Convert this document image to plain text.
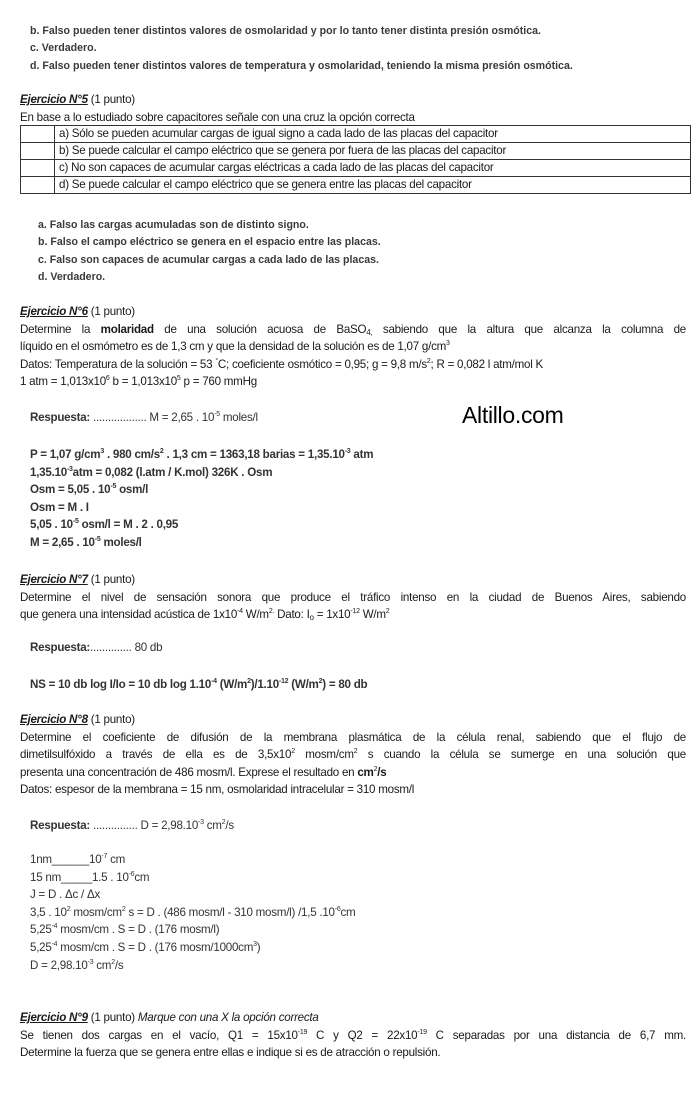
b. Falso pueden tener distintos valores de osmolaridad y por lo tanto tener distinta presión osmótica.
c. Verdadero.
d. Falso pueden tener distintos valores de temperatura y osmolaridad, teniendo la misma presión osmótica.
Ejercicio N°5 (1 punto)
En base a lo estudiado sobre capacitores señale con una cruz la opción correcta
	a) Sólo se pueden acumular cargas de igual signo a cada lado de las placas del capacitor
	b) Se puede calcular el campo eléctrico que se genera por fuera de las placas del capacitor
	c) No son capaces de acumular cargas eléctricas a cada lado de las placas del capacitor
	d) Se puede calcular el campo eléctrico que se genera entre las placas del capacitor
a. Falso las cargas acumuladas son de distinto signo.
b. Falso el campo eléctrico se genera en el espacio entre las placas.
c. Falso son capaces de acumular cargas a cada lado de las placas.
d. Verdadero.
Ejercicio N°6 (1 punto)
Determine la molaridad de una solución acuosa de BaSO$_{4,}$ sabiendo que la altura que alcanza la columna de
líquido en el osmómetro es de 1,3 cm y que la densidad de la solución es de 1,07 $g/cm^3$
Datos: Temperatura de la solución = 53 °C; coeficiente osmótico = 0,95; g = 9,8 $m/s^2$; R = 0,082 l atm/mol K
1 atm = $1,013x10^6$ $b = 1,013x10^5$ p = 760 mmHg
Respuesta: .................. M = 2,65 . $10^{-5}$ moles/l	Altillo.com
P = 1,07 $g/cm^3$ . 980 $cm/s^2$ . 1,3 cm = 1363,18 barias = $1,35.10^{-3}$ atm
$1,35.10^{-3}atm = 0,082$ (l.atm / K.mol) 326K . Osm
Osm = 5,05 . $10^{-5}$ osm/l
Osm = M . I
5,05 . $10^{-5}$ osm/l = M . 2 . 0,95
M = 2,65 . $10^{-5}$ moles/l
Ejercicio N°7 (1 punto)
Determine el nivel de sensación sonora que produce el tráfico intenso en la ciudad de Buenos Aires, sabiendo
que genera una intensidad acústica de $1x10^{-4}$ $W/m^{2.}$ Dato: $I_o = 1x10^{-12}$ $W/m^2$
Respuesta:.............. 80 db
NS = 10 db log I/Io = 10 db $\log 1.10^{-4}$ $(W/m^2)/1.10^{-12}$ $(W/m^2) = 80$ db
Ejercicio N°8 (1 punto)
Determine el coeficiente de difusión de la membrana plasmática de la célula renal, sabiendo que el flujo de
dimetilsulfóxido a través de ella es de $3,5x10^2$ mosm/$cm^2$ s cuando la célula se sumerge en una solución que
presenta una concentración de 486 mosm/l. Exprese el resultado en $cm^2/s$
Datos: espesor de la membrana = 15 nm, osmolaridad intracelular = 310 mosm/l
Respuesta: ............... $D = 2,98.10^{-3}$ $cm^2/s$
$1nm\_\_\_\_\_\_10^{-7}$ cm
15 nm_____1.5 . $10^{-6}cm$
J = D . Δc / Δx
3,5 . $10^2$ mosm/$cm^2$ s = D . (486 mosm/l - 310 mosm/l) /1,5 $.10^{-6}cm$
$5,25^{-4}$ mosm/cm . S = D . (176 mosm/l)
$5,25^{-4}$ mosm/cm . S = D . (176 mosm/$1000cm^3$)
$D = 2,98.10^{-3}$ $cm^2/s$
Ejercicio N°9 (1 punto) Marque con una X la opción correcta
Se tienen dos cargas en el vacío, $Q1 = 15x10^{-19}$ C y $Q2 = 22x10^{-19}$ C separadas por una distancia de 6,7 mm.
Determine la fuerza que se genera entre ellas e indique si es de atracción o repulsión.
